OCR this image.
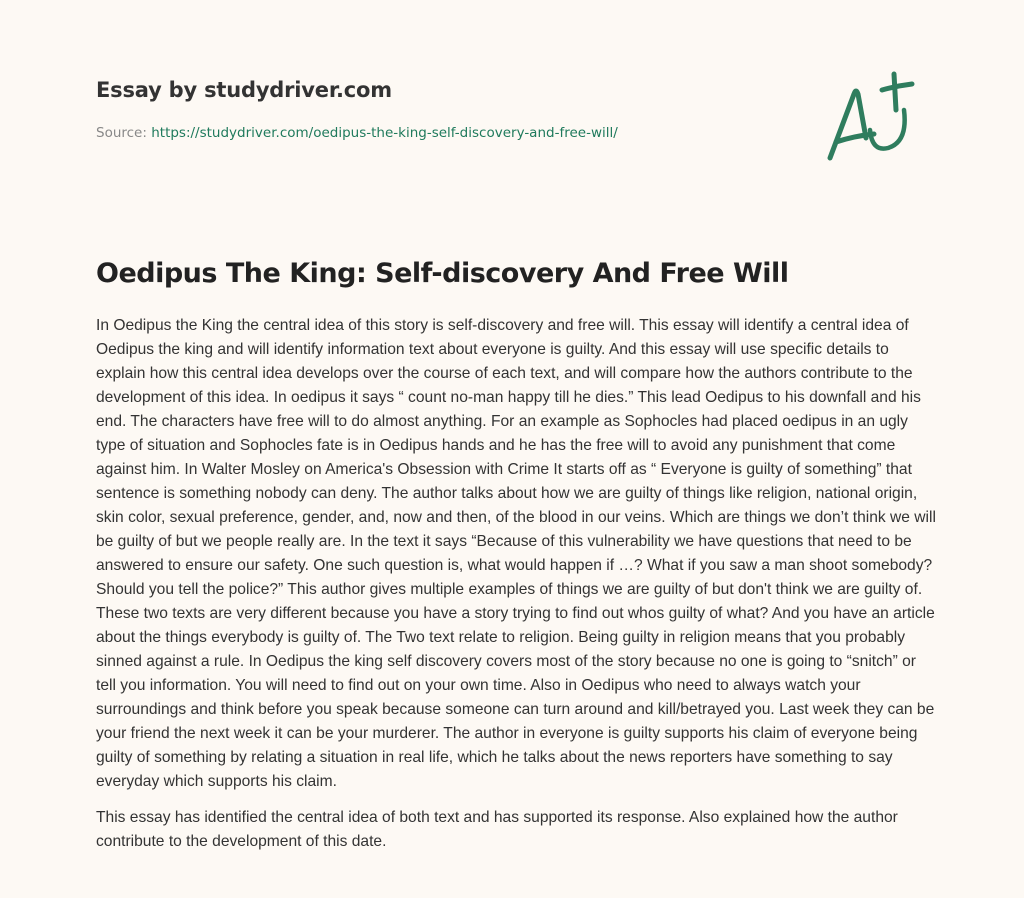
Essay by studydriver.com
Source: https://studydriver.com/oedipus-the-king-self-discovery-and-free-will/
Oedipus The King: Self-discovery And Free Will

In Oedipus the King the central idea of this story is self-discovery and free will. This essay will identify a central idea of Oedipus the king and will identify information text about everyone is guilty. And this essay will use specific details to explain how this central idea develops over the course of each text, and will compare how the authors contribute to the development of this idea. In oedipus it says “ count no-man happy till he dies.” This lead Oedipus to his downfall and his end. The characters have free will to do almost anything. For an example as Sophocles had placed oedipus in an ugly type of situation and Sophocles fate is in Oedipus hands and he has the free will to avoid any punishment that come against him. In Walter Mosley on America's Obsession with Crime It starts off as “ Everyone is guilty of something” that sentence is something nobody can deny. The author talks about how we are guilty of things like religion, national origin, skin color, sexual preference, gender, and, now and then, of the blood in our veins. Which are things we don’t think we will be guilty of but we people really are. In the text it says “Because of this vulnerability we have questions that need to be answered to ensure our safety. One such question is, what would happen if …? What if you saw a man shoot somebody? Should you tell the police?” This author gives multiple examples of things we are guilty of but don't think we are guilty of. These two texts are very different because you have a story trying to find out whos guilty of what? And you have an article about the things everybody is guilty of. The Two text relate to religion. Being guilty in religion means that you probably sinned against a rule. In Oedipus the king self discovery covers most of the story because no one is going to “snitch” or tell you information. You will need to find out on your own time. Also in Oedipus who need to always watch your surroundings and think before you speak because someone can turn around and kill/betrayed you. Last week they can be your friend the next week it can be your murderer. The author in everyone is guilty supports his claim of everyone being guilty of something by relating a situation in real life, which he talks about the news reporters have something to say everyday which supports his claim.

This essay has identified the central idea of both text and has supported its response. Also explained how the author contribute to the development of this date.
